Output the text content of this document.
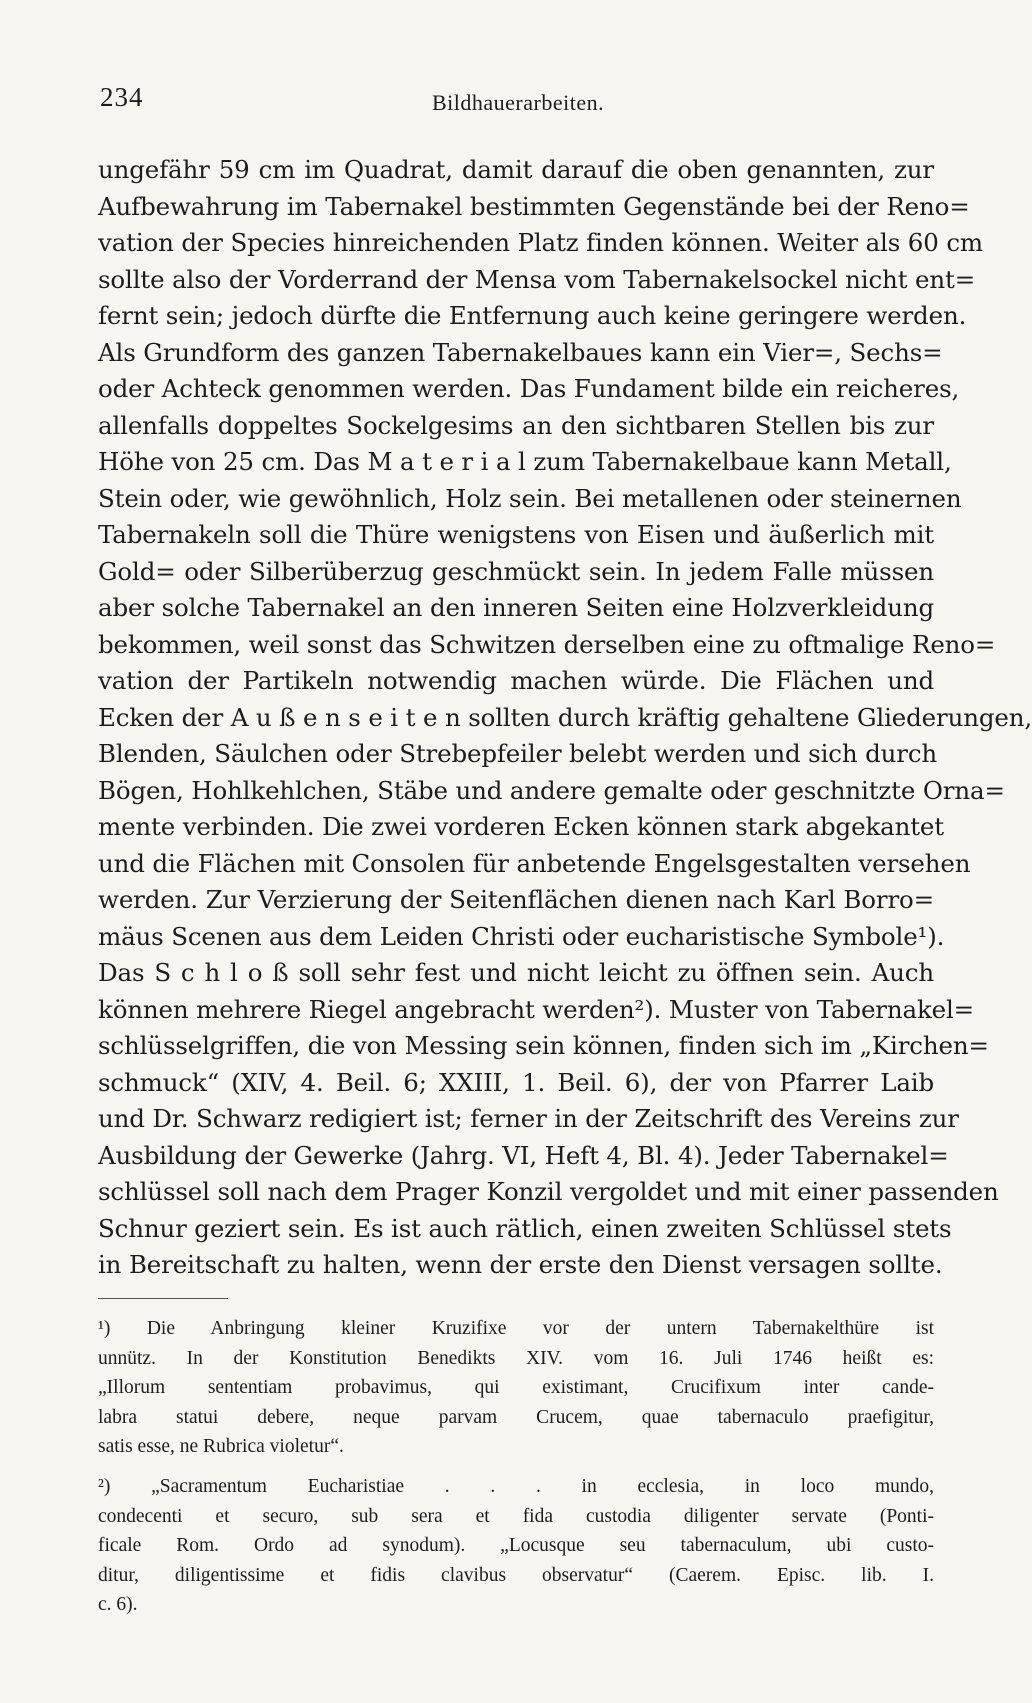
234	Bildhauerarbeiten.
ungefähr 59 cm im Quadrat, damit darauf die oben genannten, zur
Aufbewahrung im Tabernakel bestimmten Gegenstände bei der Reno=
vation der Species hinreichenden Platz finden können. Weiter als 60 cm
sollte also der Vorderrand der Mensa vom Tabernakelsockel nicht ent=
fernt sein; jedoch dürfte die Entfernung auch keine geringere werden.
Als Grundform des ganzen Tabernakelbaues kann ein Vier=, Sechs=
oder Achteck genommen werden. Das Fundament bilde ein reicheres,
allenfalls doppeltes Sockelgesims an den sichtbaren Stellen bis zur
Höhe von 25 cm. Das M a t e r i a l zum Tabernakelbaue kann Metall,
Stein oder, wie gewöhnlich, Holz sein. Bei metallenen oder steinernen
Tabernakeln soll die Thüre wenigstens von Eisen und äußerlich mit
Gold= oder Silberüberzug geschmückt sein. In jedem Falle müssen
aber solche Tabernakel an den inneren Seiten eine Holzverkleidung
bekommen, weil sonst das Schwitzen derselben eine zu oftmalige Reno=
vation der Partikeln notwendig machen würde. Die Flächen und
Ecken der A u ß e n s e i t e n sollten durch kräftig gehaltene Gliederungen,
Blenden, Säulchen oder Strebepfeiler belebt werden und sich durch
Bögen, Hohlkehlchen, Stäbe und andere gemalte oder geschnitzte Orna=
mente verbinden. Die zwei vorderen Ecken können stark abgekantet
und die Flächen mit Consolen für anbetende Engelsgestalten versehen
werden. Zur Verzierung der Seitenflächen dienen nach Karl Borro=
mäus Scenen aus dem Leiden Christi oder eucharistische Symbole¹).
Das S c h l o ß soll sehr fest und nicht leicht zu öffnen sein. Auch
können mehrere Riegel angebracht werden²). Muster von Tabernakel=
schlüsselgriffen, die von Messing sein können, finden sich im „Kirchen=
schmuck“ (XIV, 4. Beil. 6; XXIII, 1. Beil. 6), der von Pfarrer Laib
und Dr. Schwarz redigiert ist; ferner in der Zeitschrift des Vereins zur
Ausbildung der Gewerke (Jahrg. VI, Heft 4, Bl. 4). Jeder Tabernakel=
schlüssel soll nach dem Prager Konzil vergoldet und mit einer passenden
Schnur geziert sein. Es ist auch rätlich, einen zweiten Schlüssel stets
in Bereitschaft zu halten, wenn der erste den Dienst versagen sollte.
¹) Die Anbringung kleiner Kruzifixe vor der untern Tabernakelthüre ist
unnütz. In der Konstitution Benedikts XIV. vom 16. Juli 1746 heißt es:
„Illorum sententiam probavimus, qui existimant, Crucifixum inter cande-
labra statui debere, neque parvam Crucem, quae tabernaculo praefigitur,
satis esse, ne Rubrica violetur“.
²) „Sacramentum Eucharistiae . . . in ecclesia, in loco mundo,
condecenti et securo, sub sera et fida custodia diligenter servate (Ponti-
ficale Rom. Ordo ad synodum). „Locusque seu tabernaculum, ubi custo-
ditur, diligentissime et fidis clavibus observatur“ (Caerem. Episc. lib. I.
c. 6).
